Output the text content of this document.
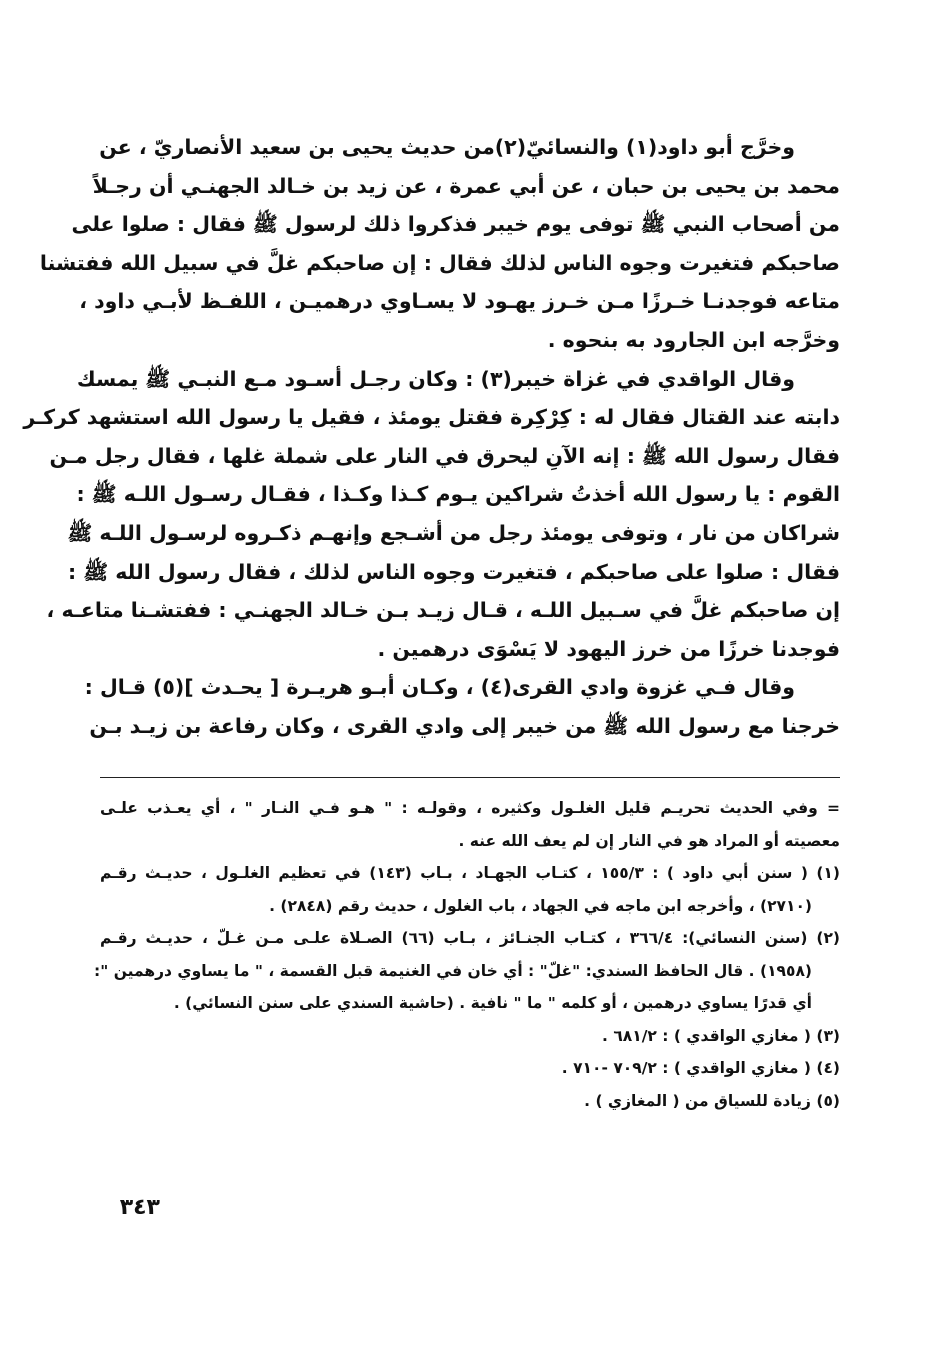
وخرَّج أبو داود(١) والنسائيّ(٢)من حديث يحيى بن سعيد الأنصاريّ ، عن
محمد بن يحيى بن حبان ، عن أبي عمرة ، عن زيد بن خـالد الجهنـي أن رجـلاً
من أصحاب النبي ﷺ توفى يوم خيبر فذكروا ذلك لرسول ﷺ فقال : صلوا على
صاحبكم فتغيرت وجوه الناس لذلك فقال : إن صاحبكم غلَّ في سبيل الله ففتشنا
متاعه فوجدنـا خـرزًا مـن خـرز يهـود لا يسـاوي درهميـن ، اللفـظ لأبـي داود ،
وخرَّجه ابن الجارود به بنحوه .
وقال الواقدي في غزاة خيبر(٣) : وكان رجـل أسـود مـع النبـي ﷺ يمسك
دابته عند القتال فقال له : كِرْكِرة فقتل يومئذ ، فقيل يا رسول الله استشهد كركـر
فقال رسول الله ﷺ : إنه الآنِ ليحرق في النار على شملة غلها ، فقال رجل مـن
القوم : يا رسول الله أخذتُ شراكين يـوم كـذا وكـذا ، فقـال رسـول اللـه ﷺ :
شراكان من نار ، وتوفى يومئذ رجل من أشـجع وإنهـم ذكـروه لرسـول اللـه ﷺ
فقال : صلوا على صاحبكم ، فتغيرت وجوه الناس لذلك ، فقال رسول الله ﷺ :
إن صاحبكم غلَّ في سـبيل اللـه ، قـال زيـد بـن خـالد الجهنـي : ففتشـنا متاعـه ،
فوجدنا خرزًا من خرز اليهود لا يَسْوَى درهمين .
وقال فـي غزوة وادي القرى(٤) ، وكـان أبـو هريـرة [ يحـدث ](٥) قـال :
خرجنا مع رسول الله ﷺ من خيبر إلى وادي القرى ، وكان رفاعة بن زيـد بـن
= وفي الحديث تحريـم قليل الغلـول وكثيره ، وقولـه : " هـو فـي النـار " ، أي يعـذب علـى
معصيته أو المراد هو في النار إن لم يعف الله عنه .
(١) ( سنن أبي داود ) : ١٥٥/٣ ، كتـاب الجهـاد ، بـاب (١٤٣) في تعظيم الغلـول ، حديـث رقـم
(٢٧١٠) ، وأخرجه ابن ماجه في الجهاد ، باب الغلول ، حديث رقم (٢٨٤٨) .
(٢) (سنن النسائي): ٣٦٦/٤ ، كتـاب الجنـائز ، بـاب (٦٦) الصـلاة علـى مـن غـلّ ، حديـث رقـم
(١٩٥٨) . قال الحافظ السندي: "غلّ" : أي خان في الغنيمة قبل القسمة ، " ما يساوي درهمين ":
أي قدرًا يساوي درهمين ، أو كلمه " ما " نافية . (حاشية السندي على سنن النسائي) .
(٣) ( مغازي الواقدي ) : ٦٨١/٢ .
(٤) ( مغازي الواقدي ) : ٧٠٩/٢ -٧١٠ .
(٥) زيادة للسياق من ( المغازي ) .
٣٤٣
